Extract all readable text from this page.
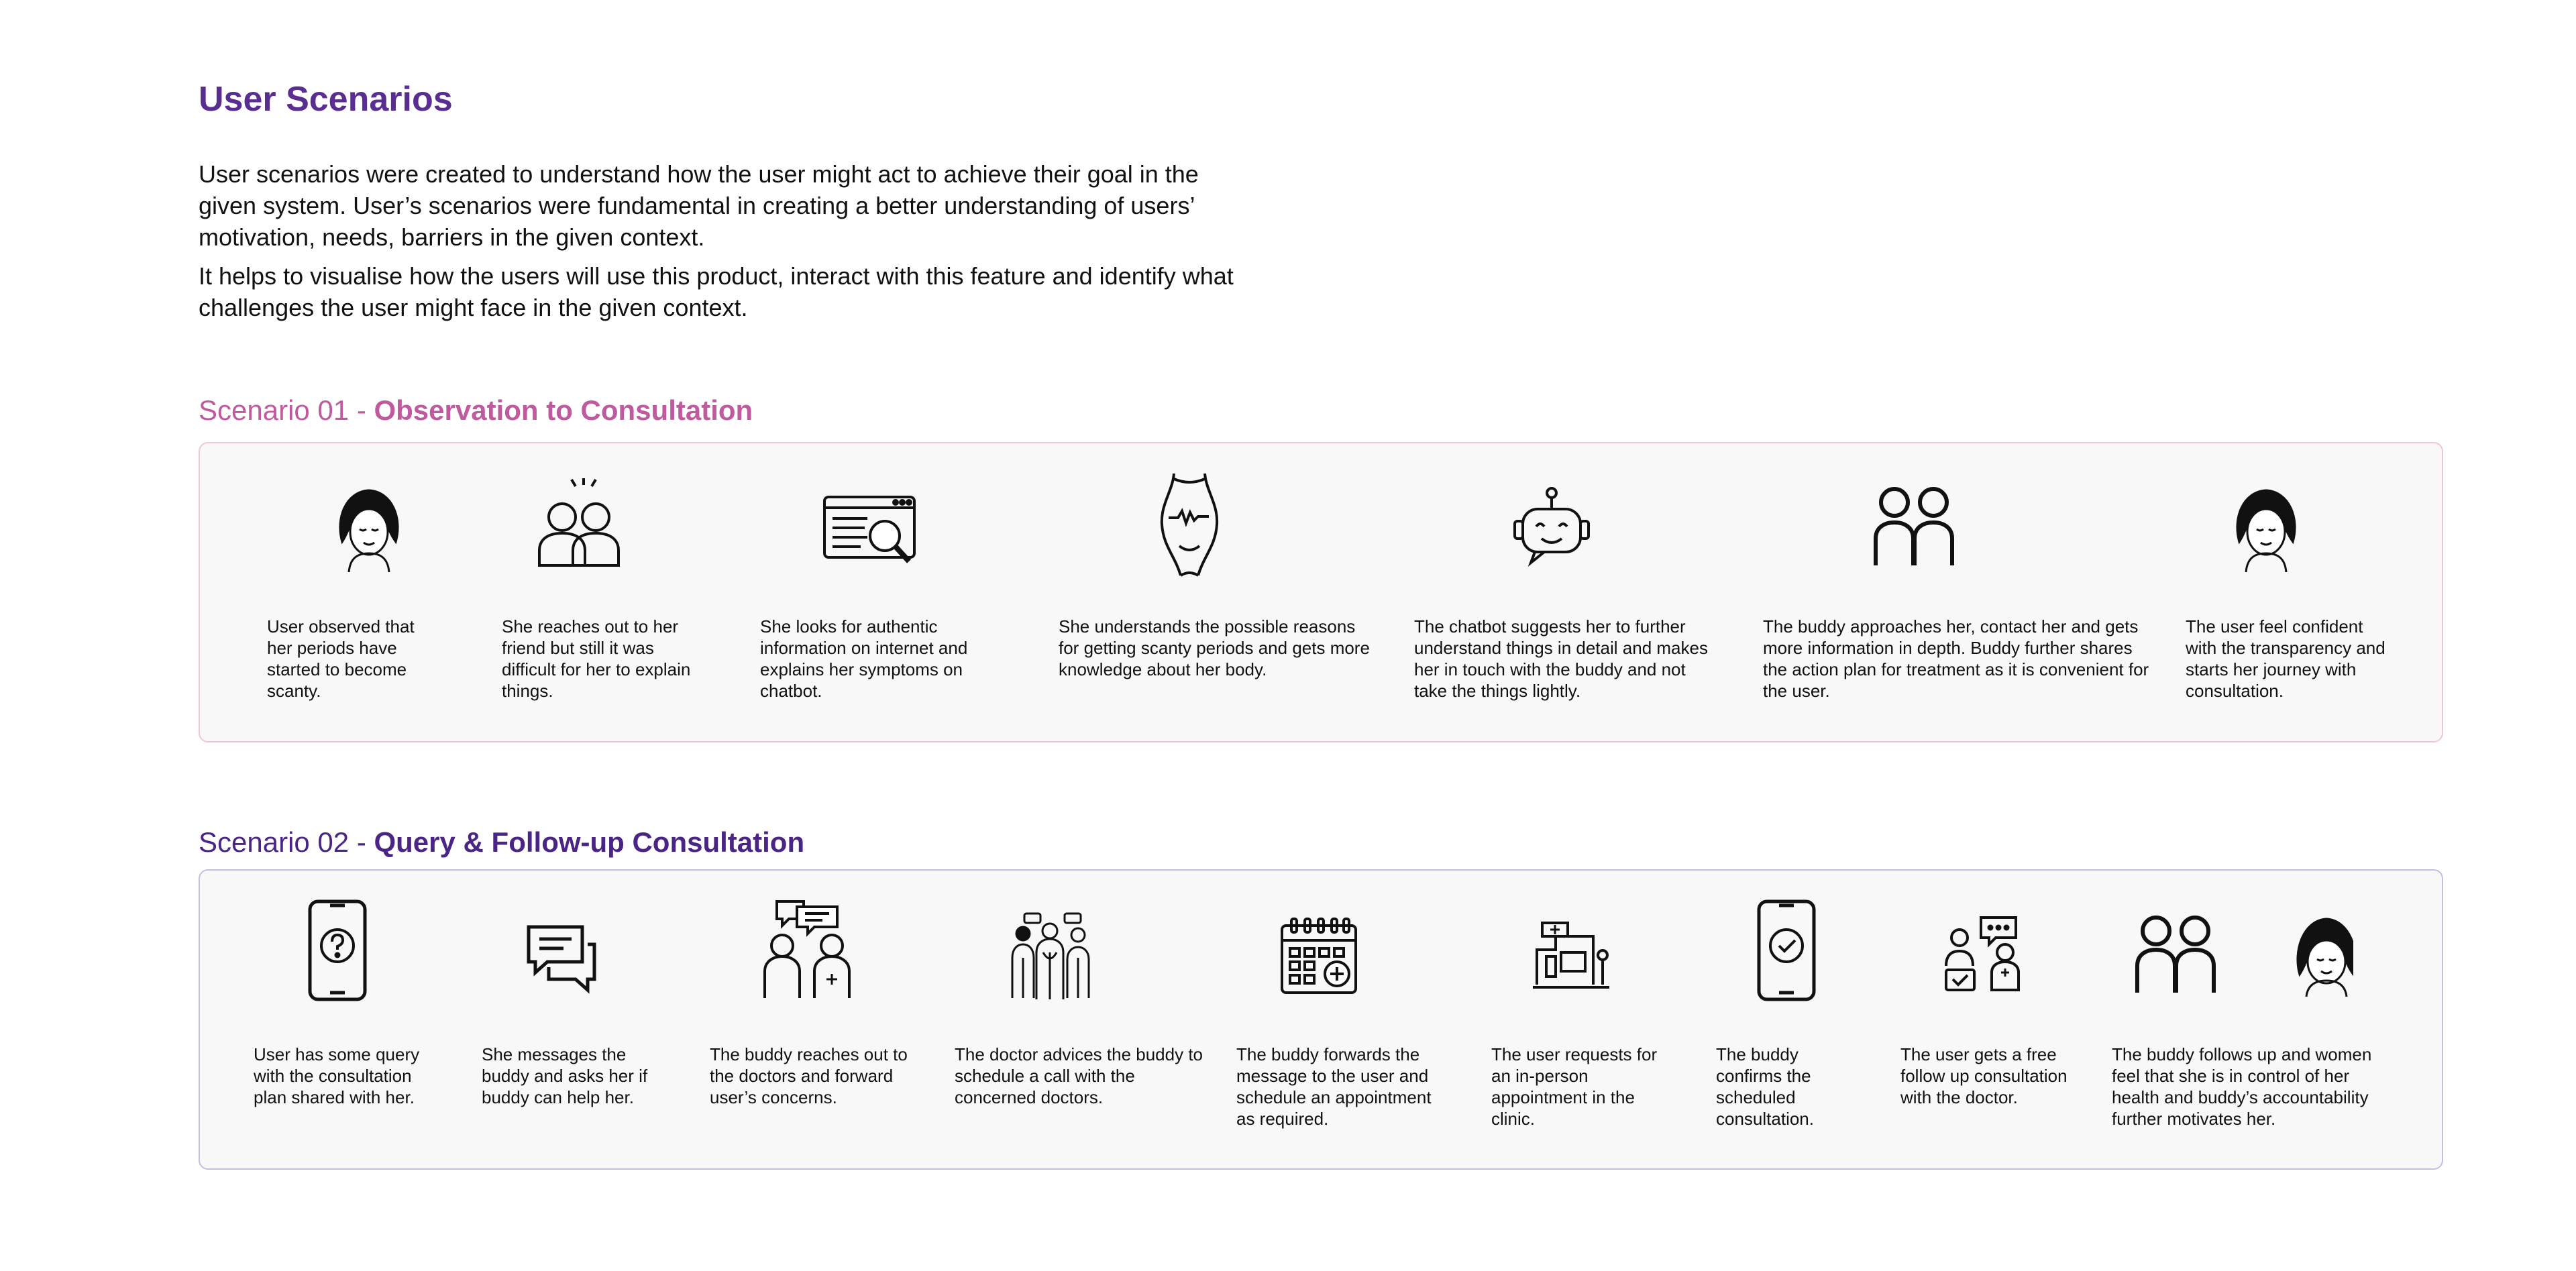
User Scenarios

User scenarios were created to understand how the user might act to achieve their goal in the given system. User’s scenarios were fundamental in creating a better understanding of users’ motivation, needs, barriers in the given context.

It helps to visualise how the users will use this product, interact with this feature and identify what challenges the user might face in the given context.

Scenario 01 - Observation to Consultation
User observed that her periods have started to become scanty.
She reaches out to her friend but still it was difficult for her to explain things.
She looks for authentic information on internet and explains her symptoms on chatbot.
She understands the possible reasons for getting scanty periods and gets more knowledge about her body.
The chatbot suggests her to further understand things in detail and makes her in touch with the buddy and not take the things lightly.
The buddy approaches her, contact her and gets more information in depth. Buddy further shares the action plan for treatment as it is convenient for the user.
The user feel confident with the transparency and starts her journey with consultation.
Scenario 02 - Query & Follow-up Consultation
User has some query with the consultation plan shared with her.
She messages the buddy and asks her if buddy can help her.
The buddy reaches out to the doctors and forward user’s concerns.
The doctor advices the buddy to schedule a call with the concerned doctors.
The buddy forwards the message to the user and schedule an appointment as required.
The user requests for an in-person appointment in the clinic.
The buddy confirms the scheduled consultation.
The user gets a free follow up consultation with the doctor.
The buddy follows up and women feel that she is in control of her health and buddy’s accountability further motivates her.
